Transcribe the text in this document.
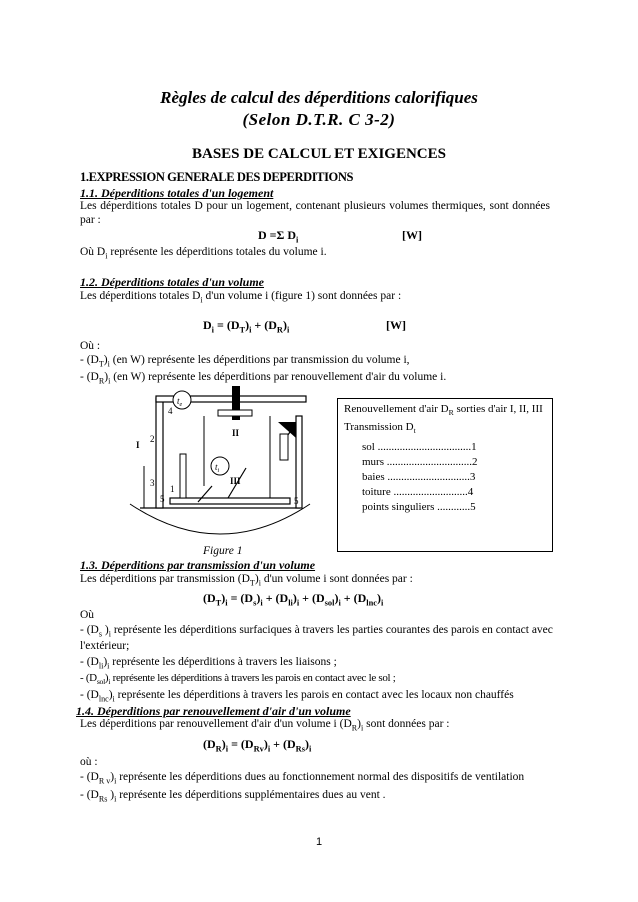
Règles de calcul des déperditions calorifiques
(Selon D.T.R. C 3-2)
BASES DE CALCUL ET EXIGENCES
1.EXPRESSION GENERALE DES DEPERDITIONS
1.1. Déperditions totales d'un logement
Les déperditions totales D pour un logement, contenant plusieurs volumes thermiques, sont données
par :
D =Σ $D_i$	[W]
Où $D_i$ représente les déperditions totales du volume i.
1.2. Déperditions totales d'un volume
Les déperditions totales $D_i$ d'un volume i (figure 1) sont données par :
$D_i = (D_T)_i + (D_R)_i$	[W]
Où :
- $(D_T)_i$ (en W) représente les déperditions par transmission du volume i,
- $(D_R)_i$ (en W) représente les déperditions par renouvellement d'air du volume i.
$t_e$
$t_i$
1
2
3
4
5	5
I
II
III
Renouvellement d'air $D_R$ sorties d'air I, II, III
Transmission $D_t$
sol ..................................1
murs ...............................2
baies ..............................3
toiture ...........................4
points singuliers ............5
Figure 1
1.3. Déperditions par transmission d'un volume
Les déperditions par transmission $(D_T)_i$ d'un volume i sont données par :
$(D_T)_i = (D_s)_i + (D_{li})_i + (D_{sol})_i + (D_{lnc})_i$
Où
- ($D_s$ )$_i$ représente les déperditions surfaciques à travers les parties courantes des parois en contact avec
l'extérieur;
- $(D_{li})_i$ représente les déperditions à travers les liaisons ;
- $(D_{sol})_i$ représente les déperditions à travers les parois en contact avec le sol ;
- $(D_{lnc})_i$ représente les déperditions à travers les parois en contact avec les locaux non chauffés
1.4. Déperditions par renouvellement d'air d'un volume
Les déperditions par renouvellement d'air d'un volume i $(D_R)_i$ sont données par :
$(D_R)_i = (D_{Rv})_i + (D_{Rs})_i$
où :
- $(D_{R v})_i$ représente les déperditions dues au fonctionnement normal des dispositifs de ventilation
- ($D_{Rs}$ )$_i$ représente les déperditions supplémentaires dues au vent .
1
